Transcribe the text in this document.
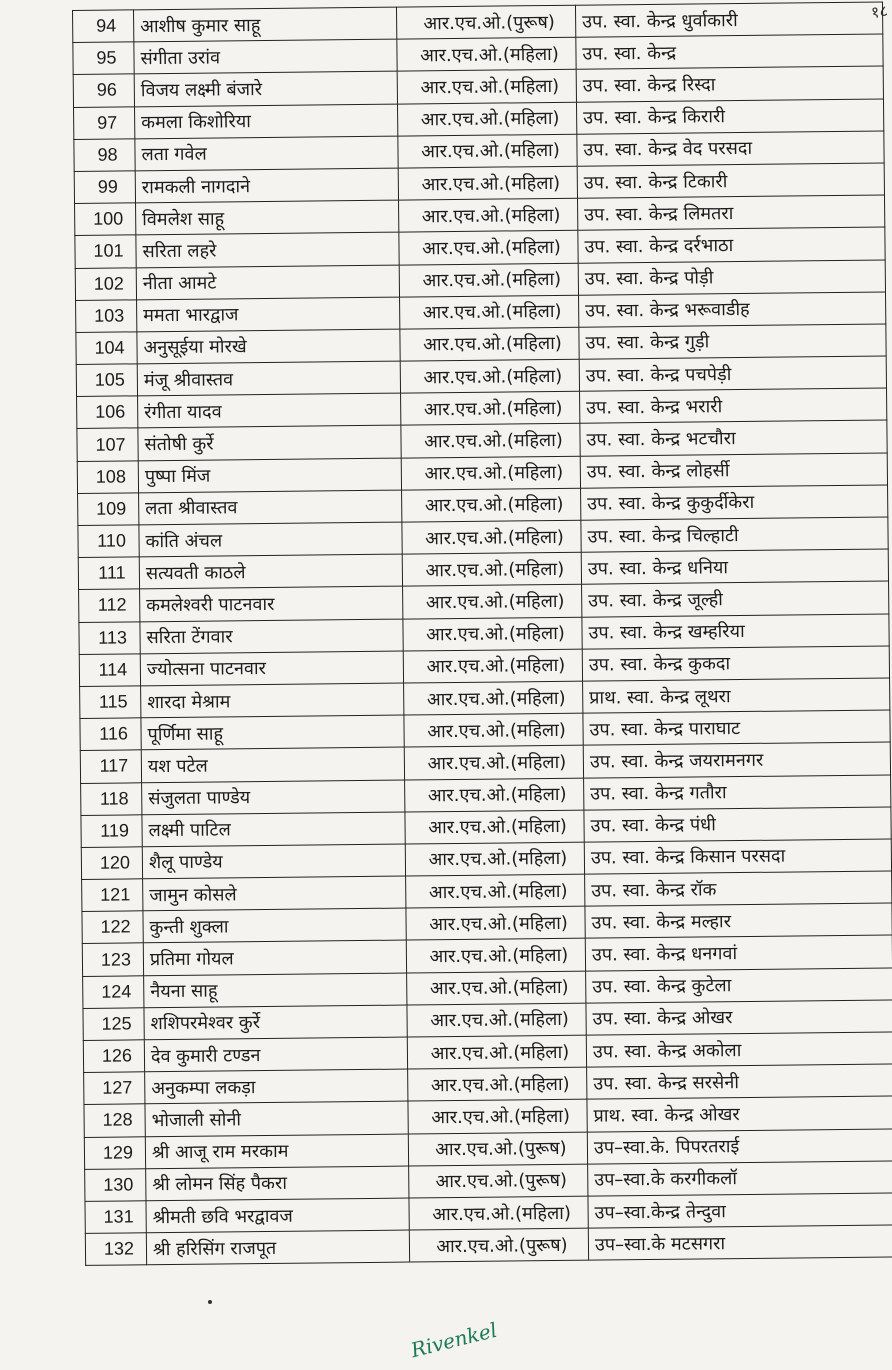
१८
94	आशीष कुमार साहू	आर.एच.ओ.(पुरूष)	उप. स्वा. केन्द्र धुर्वाकारी
95	संगीता उरांव	आर.एच.ओ.(महिला)	उप. स्वा. केन्द्र
96	विजय लक्ष्मी बंजारे	आर.एच.ओ.(महिला)	उप. स्वा. केन्द्र रिस्दा
97	कमला किशोरिया	आर.एच.ओ.(महिला)	उप. स्वा. केन्द्र किरारी
98	लता गवेल	आर.एच.ओ.(महिला)	उप. स्वा. केन्द्र वेद परसदा
99	रामकली नागदाने	आर.एच.ओ.(महिला)	उप. स्वा. केन्द्र टिकारी
100	विमलेश साहू	आर.एच.ओ.(महिला)	उप. स्वा. केन्द्र लिमतरा
101	सरिता लहरे	आर.एच.ओ.(महिला)	उप. स्वा. केन्द्र दर्रभाठा
102	नीता आमटे	आर.एच.ओ.(महिला)	उप. स्वा. केन्द्र पोड़ी
103	ममता भारद्वाज	आर.एच.ओ.(महिला)	उप. स्वा. केन्द्र भरूवाडीह
104	अनुसूईया मोरखे	आर.एच.ओ.(महिला)	उप. स्वा. केन्द्र गुड़ी
105	मंजू श्रीवास्तव	आर.एच.ओ.(महिला)	उप. स्वा. केन्द्र पचपेड़ी
106	रंगीता यादव	आर.एच.ओ.(महिला)	उप. स्वा. केन्द्र भरारी
107	संतोषी कुर्रे	आर.एच.ओ.(महिला)	उप. स्वा. केन्द्र भटचौरा
108	पुष्पा मिंज	आर.एच.ओ.(महिला)	उप. स्वा. केन्द्र लोहर्सी
109	लता श्रीवास्तव	आर.एच.ओ.(महिला)	उप. स्वा. केन्द्र कुकुर्दीकेरा
110	कांति अंचल	आर.एच.ओ.(महिला)	उप. स्वा. केन्द्र चिल्हाटी
111	सत्यवती काठले	आर.एच.ओ.(महिला)	उप. स्वा. केन्द्र धनिया
112	कमलेश्वरी पाटनवार	आर.एच.ओ.(महिला)	उप. स्वा. केन्द्र जूल्ही
113	सरिता टेंगवार	आर.एच.ओ.(महिला)	उप. स्वा. केन्द्र खम्हरिया
114	ज्योत्सना पाटनवार	आर.एच.ओ.(महिला)	उप. स्वा. केन्द्र कुकदा
115	शारदा मेश्राम	आर.एच.ओ.(महिला)	प्राथ. स्वा. केन्द्र लूथरा
116	पूर्णिमा साहू	आर.एच.ओ.(महिला)	उप. स्वा. केन्द्र पाराघाट
117	यश पटेल	आर.एच.ओ.(महिला)	उप. स्वा. केन्द्र जयरामनगर
118	संजुलता पाण्डेय	आर.एच.ओ.(महिला)	उप. स्वा. केन्द्र गतौरा
119	लक्ष्मी पाटिल	आर.एच.ओ.(महिला)	उप. स्वा. केन्द्र पंधी
120	शैलू पाण्डेय	आर.एच.ओ.(महिला)	उप. स्वा. केन्द्र किसान परसदा
121	जामुन कोसले	आर.एच.ओ.(महिला)	उप. स्वा. केन्द्र रॉक
122	कुन्ती शुक्ला	आर.एच.ओ.(महिला)	उप. स्वा. केन्द्र मल्हार
123	प्रतिमा गोयल	आर.एच.ओ.(महिला)	उप. स्वा. केन्द्र धनगवां
124	नैयना साहू	आर.एच.ओ.(महिला)	उप. स्वा. केन्द्र कुटेला
125	शशिपरमेश्वर कुर्रे	आर.एच.ओ.(महिला)	उप. स्वा. केन्द्र ओखर
126	देव कुमारी टण्डन	आर.एच.ओ.(महिला)	उप. स्वा. केन्द्र अकोला
127	अनुकम्पा लकड़ा	आर.एच.ओ.(महिला)	उप. स्वा. केन्द्र सरसेनी
128	भोजाली सोनी	आर.एच.ओ.(महिला)	प्राथ. स्वा. केन्द्र ओखर
129	श्री आजू राम मरकाम	आर.एच.ओ.(पुरूष)	उप–स्वा.के. पिपरतराई
130	श्री लोमन सिंह पैकरा	आर.एच.ओ.(पुरूष)	उप–स्वा.के करगीकलॉ
131	श्रीमती छवि भरद्वावज	आर.एच.ओ.(महिला)	उप–स्वा.केन्द्र तेन्दुवा
132	श्री हरिसिंग राजपूत	आर.एच.ओ.(पुरूष)	उप–स्वा.के मटसगरा
Rivenkel
